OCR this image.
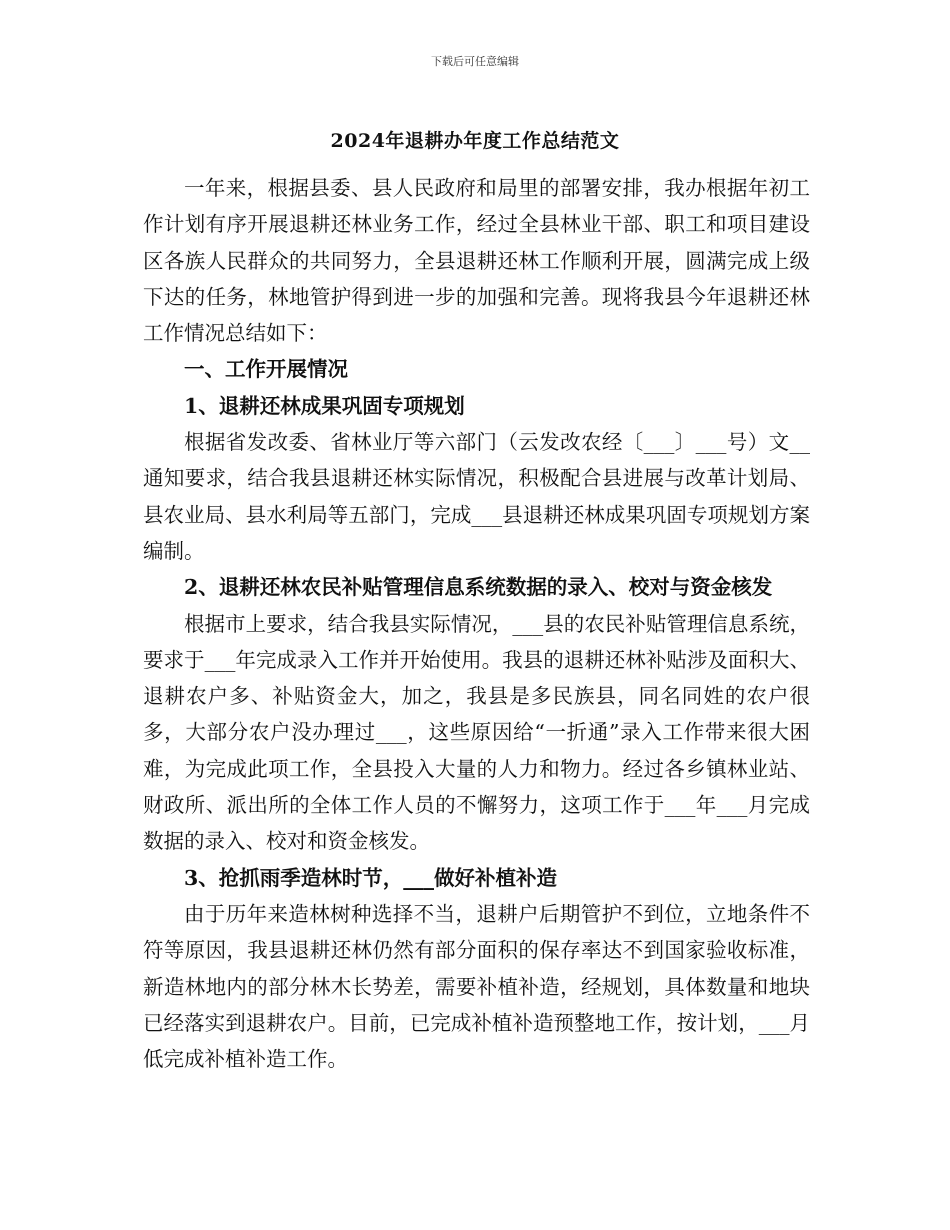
下载后可任意编辑
2024年退耕办年度工作总结范文

一年来，根据县委、县人民政府和局里的部署安排，我办根据年初工作计划有序开展退耕还林业务工作，经过全县林业干部、职工和项目建设区各族人民群众的共同努力，全县退耕还林工作顺利开展，圆满完成上级下达的任务，林地管护得到进一步的加强和完善。现将我县今年退耕还林工作情况总结如下：

一、工作开展情况

1、退耕还林成果巩固专项规划

根据省发改委、省林业厅等六部门（云发改农经〔___〕___号）文__通知要求，结合我县退耕还林实际情况，积极配合县进展与改革计划局、县农业局、县水利局等五部门，完成___县退耕还林成果巩固专项规划方案编制。

2、退耕还林农民补贴管理信息系统数据的录入、校对与资金核发

根据市上要求，结合我县实际情况，___县的农民补贴管理信息系统，要求于___年完成录入工作并开始使用。我县的退耕还林补贴涉及面积大、退耕农户多、补贴资金大，加之，我县是多民族县，同名同姓的农户很多，大部分农户没办理过___，这些原因给“一折通”录入工作带来很大困难，为完成此项工作，全县投入大量的人力和物力。经过各乡镇林业站、财政所、派出所的全体工作人员的不懈努力，这项工作于___年___月完成数据的录入、校对和资金核发。

3、抢抓雨季造林时节，___做好补植补造

由于历年来造林树种选择不当，退耕户后期管护不到位，立地条件不符等原因，我县退耕还林仍然有部分面积的保存率达不到国家验收标准，新造林地内的部分林木长势差，需要补植补造，经规划，具体数量和地块已经落实到退耕农户。目前，已完成补植补造预整地工作，按计划，___月低完成补植补造工作。
